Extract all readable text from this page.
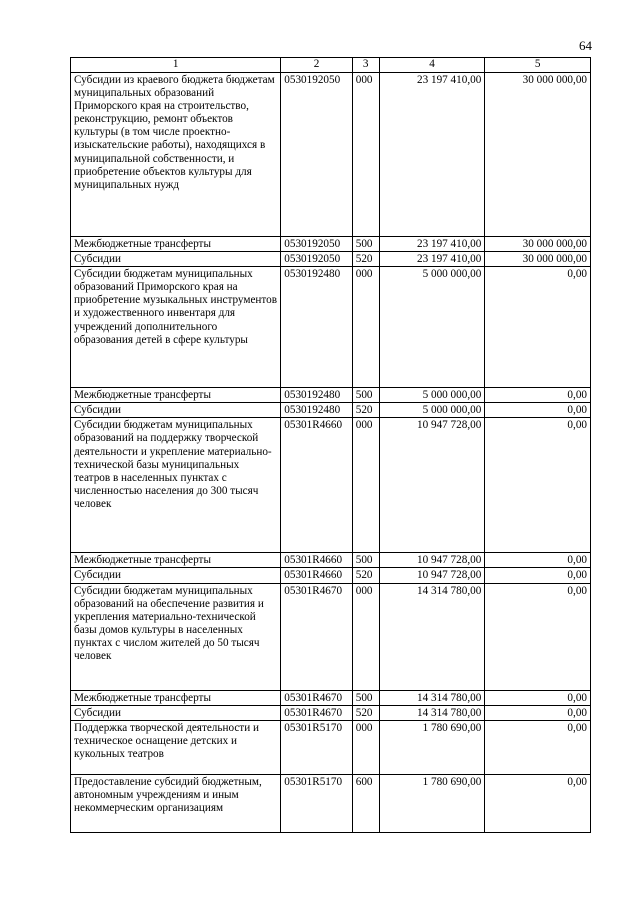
64
1	2	3	4	5
Субсидии из краевого бюджета бюджетам муниципальных образований Приморского края на строительство, реконструкцию, ремонт объектов культуры (в том числе проектно-изыскательские работы), находящихся в муниципальной собственности, и приобретение объектов культуры для муниципальных нужд	0530192050	000	23 197 410,00	30 000 000,00
Межбюджетные трансферты	0530192050	500	23 197 410,00	30 000 000,00
Субсидии	0530192050	520	23 197 410,00	30 000 000,00
Субсидии бюджетам муниципальных образований Приморского края на приобретение музыкальных инструментов и художественного инвентаря для учреждений дополнительного образования детей в сфере культуры	0530192480	000	5 000 000,00	0,00
Межбюджетные трансферты	0530192480	500	5 000 000,00	0,00
Субсидии	0530192480	520	5 000 000,00	0,00
Субсидии бюджетам муниципальных образований на поддержку творческой деятельности и укрепление материально-технической базы муниципальных театров в населенных пунктах с численностью населения до 300 тысяч человек	05301R4660	000	10 947 728,00	0,00
Межбюджетные трансферты	05301R4660	500	10 947 728,00	0,00
Субсидии	05301R4660	520	10 947 728,00	0,00
Субсидии бюджетам муниципальных образований на обеспечение развития и укрепления материально-технической базы домов культуры в населенных пунктах с числом жителей до 50 тысяч человек	05301R4670	000	14 314 780,00	0,00
Межбюджетные трансферты	05301R4670	500	14 314 780,00	0,00
Субсидии	05301R4670	520	14 314 780,00	0,00
Поддержка творческой деятельности и техническое оснащение детских и кукольных театров	05301R5170	000	1 780 690,00	0,00
Предоставление субсидий бюджетным, автономным учреждениям и иным некоммерческим организациям	05301R5170	600	1 780 690,00	0,00
